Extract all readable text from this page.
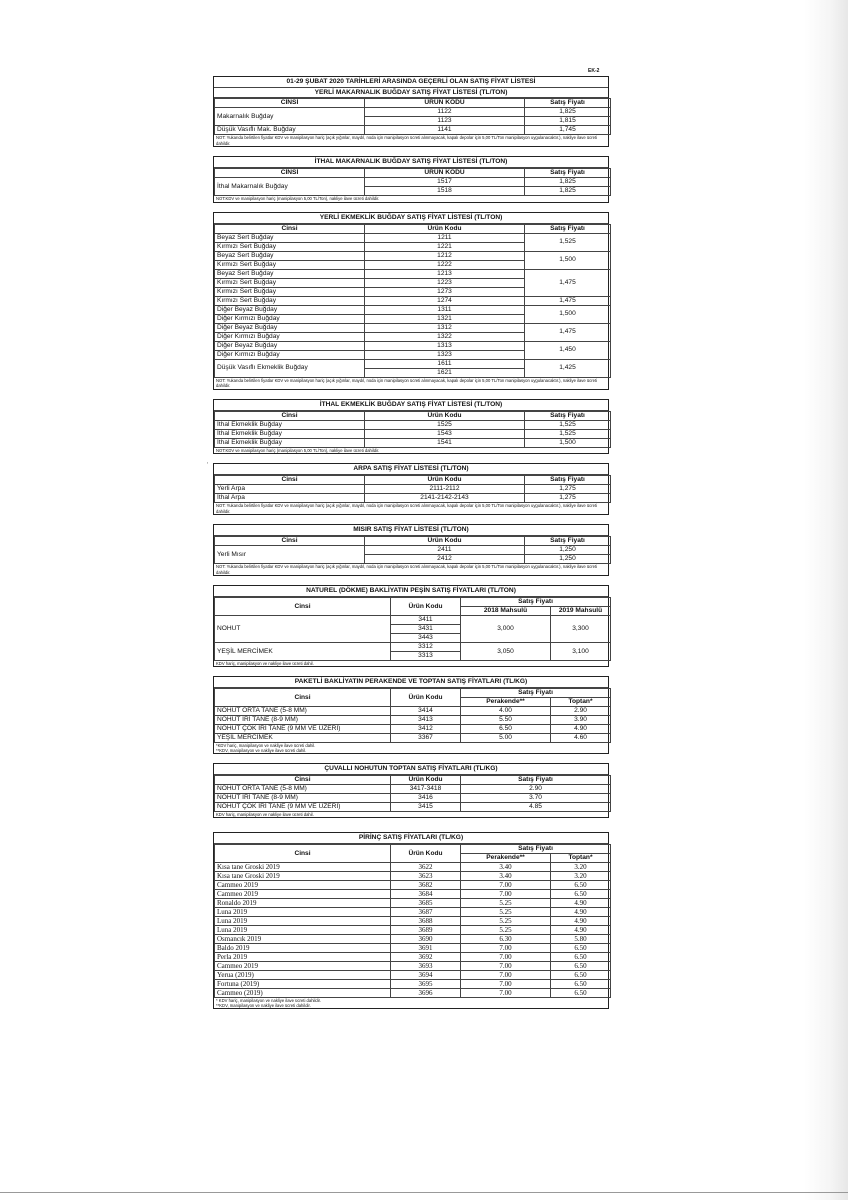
EK-2
,
01-29 ŞUBAT 2020 TARİHLERİ ARASINDA GEÇERLİ OLAN SATIŞ FİYAT LİSTESİ
YERLİ MAKARNALIK BUĞDAY SATIŞ FİYAT LİSTESİ (TL/TON)
CİNSİ	ÜRÜN KODU	Satış Fiyatı
Makarnalık Buğday	1122	1,825
	1123	1,815
Düşük Vasıflı Mak. Buğday	1141	1,745
NOT: Yukarıda belirtilen fiyatlar KDV ve manipilasyon hariç (açık yığınlar, maydıl, noda için manipilasyon ücreti alınmayacak, kapalı depolar için 5,00 TL/Ton manipilasyon uygulanacaktır.), nakliye ilave ücreti dahildir.
İTHAL MAKARNALIK BUĞDAY SATIŞ FİYAT LİSTESİ (TL/TON)
CİNSİ	ÜRÜN KODU	Satış Fiyatı
İthal Makarnalık Buğday	1517	1,825
	1518	1,825
NOT:KDV ve manipilasyon hariç (manipilasyon 5,00 TL/Ton), nakliye ilave ücreti dahildir.
YERLİ EKMEKLİK BUĞDAY SATIŞ FİYAT LİSTESİ (TL/TON)
Cinsi	Ürün Kodu	Satış Fiyatı
Beyaz Sert Buğday	1211	1,525
Kırmızı Sert Buğday	1221	
Beyaz Sert Buğday	1212	1,500
Kırmızı Sert Buğday	1222	
Beyaz Sert Buğday	1213	1,475
Kırmızı Sert Buğday	1223	
Kırmızı Sert Buğday	1273	
Kırmızı Sert Buğday	1274	1,475
Diğer Beyaz Buğday	1311	1,500
Diğer Kırmızı Buğday	1321	
Diğer Beyaz Buğday	1312	1,475
Diğer Kırmızı Buğday	1322	
Diğer Beyaz Buğday	1313	1,450
Diğer Kırmızı Buğday	1323	
Düşük Vasıflı Ekmeklik Buğday	1611	1,425
	1621	
NOT: Yukarıda belirtilen fiyatlar KDV ve manipilasyon hariç (açık yığınlar, maydıl, noda için manipilasyon ücreti alınmayacak, kapalı depolar için 5,00 TL/Ton manipilasyon uygulanacaktır.), nakliye ilave ücreti dahildir.
İTHAL EKMEKLİK BUĞDAY SATIŞ FİYAT LİSTESİ (TL/TON)
Cinsi	Ürün Kodu	Satış Fiyatı
İthal Ekmeklik Buğday	1525	1,525
İthal Ekmeklik Buğday	1543	1,525
İthal Ekmeklik Buğday	1541	1,500
NOT:KDV ve manipilasyon hariç (manipilasyon 5,00 TL/Ton), nakliye ilave ücreti dahildir.
ARPA SATIŞ FİYAT LİSTESİ (TL/TON)
Cinsi	Ürün Kodu	Satış Fiyatı
Yerli Arpa	2111-2112	1,275
İthal Arpa	2141-2142-2143	1,275
NOT: Yukarıda belirtilen fiyatlar KDV ve manipilasyon hariç (açık yığınlar, maydıl, noda için manipilasyon ücreti alınmayacak, kapalı depolar için 5,00 TL/Ton manipilasyon uygulanacaktır.), nakliye ilave ücreti dahildir.
MISIR SATIŞ FİYAT LİSTESİ (TL/TON)
Cinsi	Ürün Kodu	Satış Fiyatı
Yerli Mısır	2411	1,250
	2412	1,250
NOT: Yukarıda belirtilen fiyatlar KDV ve manipilasyon hariç (açık yığınlar, maydıl, noda için manipilasyon ücreti alınmayacak, kapalı depolar için 5,00 TL/Ton manipilasyon uygulanacaktır.), nakliye ilave ücreti dahildir.
NATUREL (DÖKME) BAKLİYATIN PEŞİN SATIŞ FİYATLARI (TL/TON)
Cinsi	Ürün Kodu	Satış Fiyatı	
		2018 Mahsulü	2019 Mahsulü
NOHUT	3411	3,000	3,300
	3431		
	3443		
YEŞİL MERCİMEK	3312	3,050	3,100
	3313		
KDV hariç, manipilasyon ve nakliye ilave ücreti dahil.
PAKETLİ BAKLİYATIN PERAKENDE VE TOPTAN SATIŞ FİYATLARI (TL/KG)
Cinsi	Ürün Kodu	Satış Fiyatı	
		Perakende**	Toptan*
NOHUT ORTA TANE (5-8 MM)	3414	4.00	2.90
NOHUT İRİ TANE (8-9 MM)	3413	5.50	3.90
NOHUT ÇOK İRİ TANE (9 MM VE ÜZERİ)	3412	6.50	4.90
YEŞİL MERCİMEK	3367	5.00	4.60
*KDV hariç, manipilasyon ve nakliye ilave ücreti dahil.
**KDV, manipilasyon ve nakliye ilave ücreti dahil.
ÇUVALLI NOHUTUN TOPTAN SATIŞ FİYATLARI (TL/KG)
Cinsi	Ürün Kodu	Satış Fiyatı
NOHUT ORTA TANE (5-8 MM)	3417-3418	2.90
NOHUT İRİ TANE (8-9 MM)	3416	3.70
NOHUT ÇOK İRİ TANE (9 MM VE ÜZERİ)	3415	4.85
KDV hariç, manipilasyon ve nakliye ilave ücreti dahil.
PİRİNÇ SATIŞ FİYATLARI (TL/KG)
Cinsi	Ürün Kodu	Satış Fiyatı	
		Perakende**	Toptan*
Kısa tane Groski 2019	3622	3.40	3.20
Kısa tane Groski 2019	3623	3.40	3.20
Cammeo 2019	3682	7.00	6.50
Cammeo 2019	3684	7.00	6.50
Ronaldo 2019	3685	5.25	4.90
Luna 2019	3687	5.25	4.90
Luna 2019	3688	5.25	4.90
Luna 2019	3689	5.25	4.90
Osmancık 2019	3690	6.30	5.80
Baldo 2019	3691	7.00	6.50
Perla 2019	3692	7.00	6.50
Cammeo 2019	3693	7.00	6.50
Yerua (2019)	3694	7.00	6.50
Fortuna (2019)	3695	7.00	6.50
Cammeo (2019)	3696	7.00	6.50
* KDV hariç, manipilasyon ve nakliye ilave ücreti dahildir.
**KDV, manipilasyon ve nakliye ilave ücreti dahildir.
